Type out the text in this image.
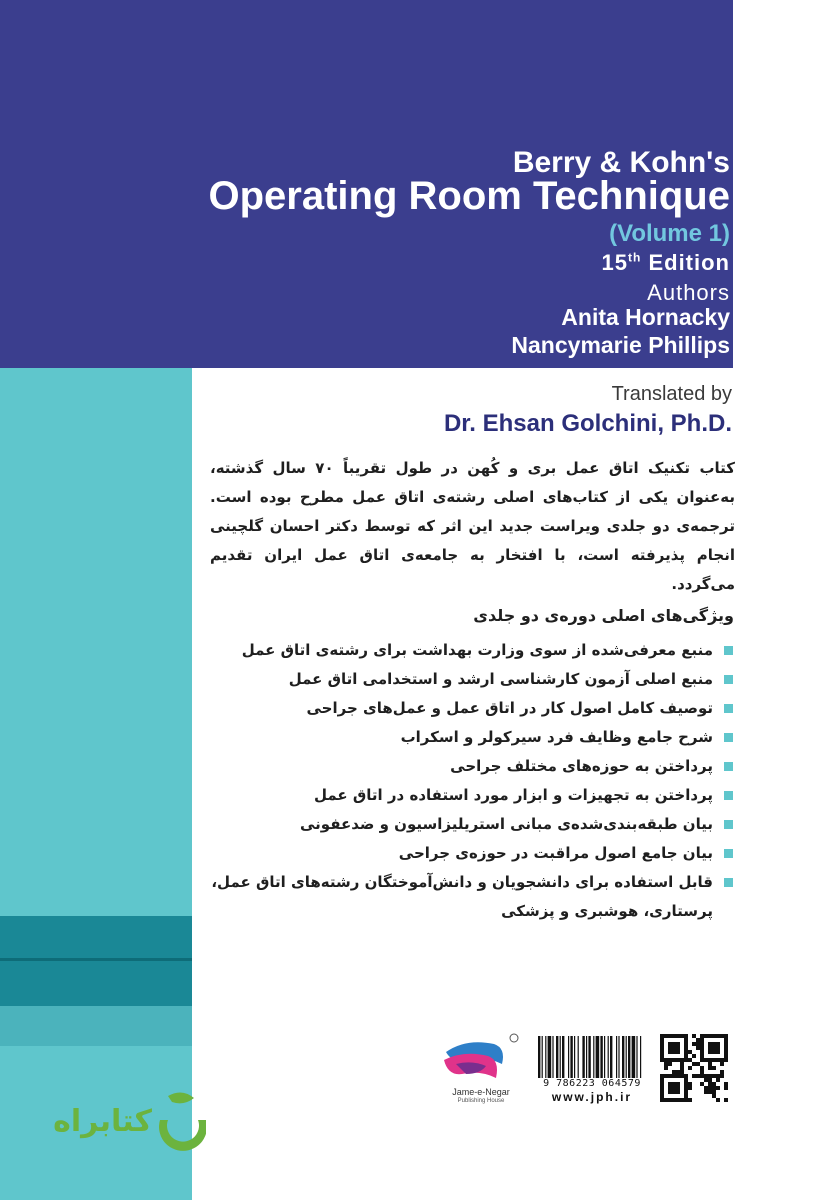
Berry & Kohn's
Operating Room Technique
(Volume 1)
15th Edition
Authors
Anita Hornacky
Nancymarie Phillips
Translated by
Dr. Ehsan Golchini, Ph.D.

کتاب تکنیک اتاق عمل بری و کُهن در طول تقریباً ۷۰ سال گذشته، به‌عنوان یکی از کتاب‌های اصلی رشته‌ی اتاق عمل مطرح بوده است. ترجمه‌ی دو جلدی ویراست جدید این اثر که توسط دکتر احسان گلچینی انجام پذیرفته است، با افتخار به جامعه‌ی اتاق عمل ایران تقدیم می‌گردد.

ویژگی‌های اصلی دوره‌ی دو جلدی
منبع معرفی‌شده از سوی وزارت بهداشت برای رشته‌ی اتاق عمل
منبع اصلی آزمون کارشناسی ارشد و استخدامی اتاق عمل
توصیف کامل اصول کار در اتاق عمل و عمل‌های جراحی
شرح جامع وظایف فرد سیرکولر و اسکراب
پرداختن به حوزه‌های مختلف جراحی
پرداختن به تجهیزات و ابزار مورد استفاده در اتاق عمل
بیان طبقه‌بندی‌شده‌ی مبانی استریلیزاسیون و ضدعفونی
بیان جامع اصول مراقبت در حوزه‌ی جراحی
قابل استفاده برای دانشجویان و دانش‌آموختگان رشته‌های اتاق عمل، پرستاری، هوشبری و پزشکی
Jame-e-Negar
Publishing House
9 786223 064579
www.jph.ir
کتابراه
